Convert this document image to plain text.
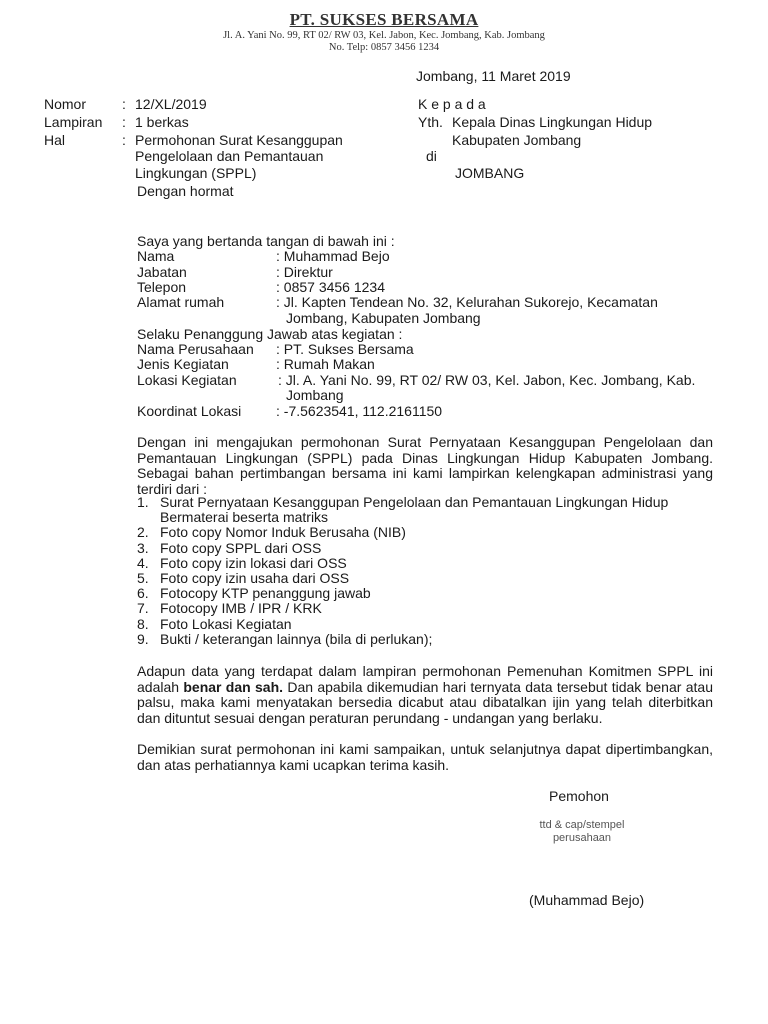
PT. SUKSES BERSAMA
Jl. A. Yani No. 99, RT 02/ RW 03, Kel. Jabon, Kec. Jombang, Kab. Jombang
No. Telp: 0857 3456 1234
Jombang, 11 Maret 2019
Nomor	: 12/XL/2019
Lampiran : 1 berkas
Hal	: Permohonan Surat Kesanggupan
Pengelolaan dan Pemantauan
Lingkungan (SPPL)
K e p a d a
Yth. Kepala Dinas Lingkungan Hidup
Kabupaten Jombang
di
JOMBANG
Dengan hormat
Saya yang bertanda tangan di bawah ini :
Nama	: Muhammad Bejo
Jabatan	: Direktur
Telepon	: 0857 3456 1234
Alamat rumah	: Jl. Kapten Tendean No. 32, Kelurahan Sukorejo, Kecamatan
Jombang, Kabupaten Jombang
Selaku Penanggung Jawab atas kegiatan :
Nama Perusahaan : PT. Sukses Bersama
Jenis Kegiatan	: Rumah Makan
Lokasi Kegiatan	: Jl. A. Yani No. 99, RT 02/ RW 03, Kel. Jabon, Kec. Jombang, Kab.
Jombang
Koordinat Lokasi : -7.5623541, 112.2161150
Dengan ini mengajukan permohonan Surat Pernyataan Kesanggupan Pengelolaan dan Pemantauan Lingkungan (SPPL) pada Dinas Lingkungan Hidup Kabupaten Jombang. Sebagai bahan pertimbangan bersama ini kami lampirkan kelengkapan administrasi yang terdiri dari :
1. Surat Pernyataan Kesanggupan Pengelolaan dan Pemantauan Lingkungan Hidup
Bermaterai beserta matriks
2. Foto copy Nomor Induk Berusaha (NIB)
3. Foto copy SPPL dari OSS
4. Foto copy izin lokasi dari OSS
5. Foto copy izin usaha dari OSS
6. Fotocopy KTP penanggung jawab
7. Fotocopy IMB / IPR / KRK
8. Foto Lokasi Kegiatan
9. Bukti / keterangan lainnya (bila di perlukan);
Adapun data yang terdapat dalam lampiran permohonan Pemenuhan Komitmen SPPL ini adalah benar dan sah. Dan apabila dikemudian hari ternyata data tersebut tidak benar atau palsu, maka kami menyatakan bersedia dicabut atau dibatalkan ijin yang telah diterbitkan dan dituntut sesuai dengan peraturan perundang - undangan yang berlaku.
Demikian surat permohonan ini kami sampaikan, untuk selanjutnya dapat dipertimbangkan, dan atas perhatiannya kami ucapkan terima kasih.
Pemohon
ttd & cap/stempel
perusahaan
(Muhammad Bejo)
